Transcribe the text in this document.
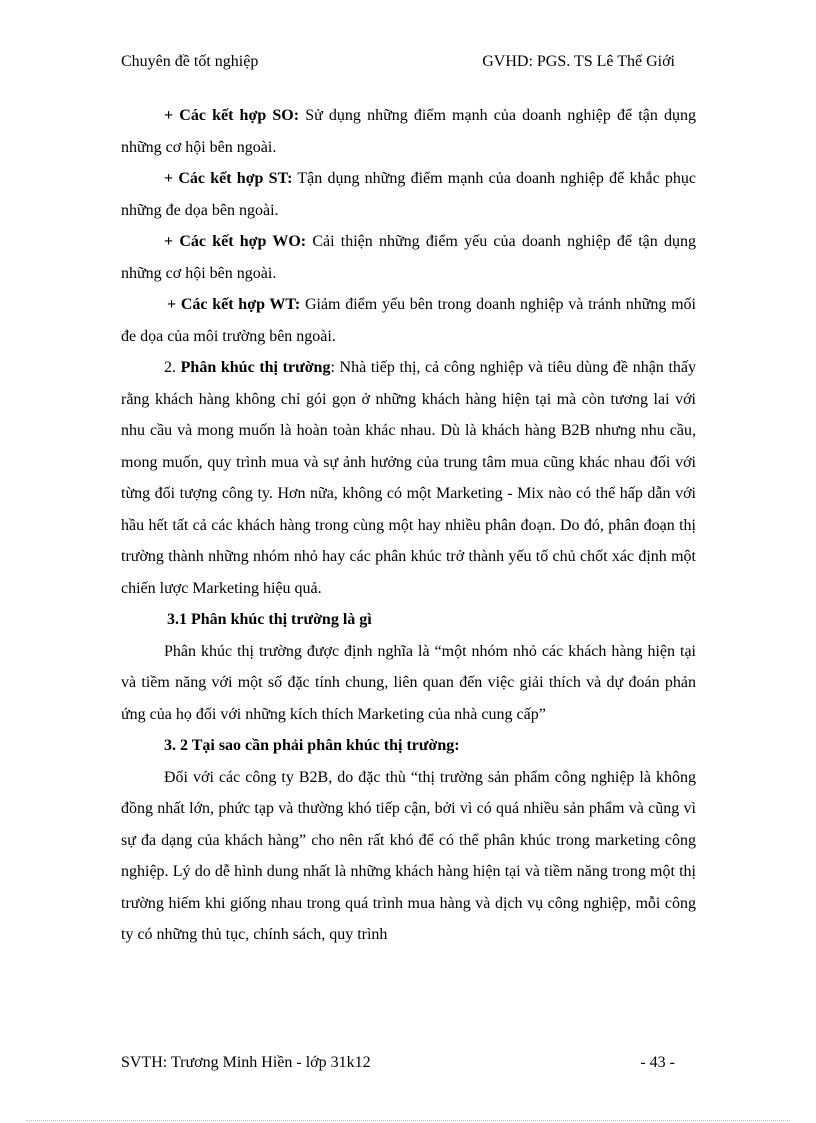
Chuyên đề tốt nghiệp	GVHD: PGS. TS Lê Thế Giới

+ Các kết hợp SO: Sử dụng những điểm mạnh của doanh nghiệp để tận dụng những cơ hội bên ngoài.

+ Các kết hợp ST: Tận dụng những điểm mạnh của doanh nghiệp để khắc phục những đe dọa bên ngoài.

+ Các kết hợp WO: Cải thiện những điểm yếu của doanh nghiệp để tận dụng những cơ hội bên ngoài.

+ Các kết hợp WT: Giảm điểm yếu bên trong doanh nghiệp và tránh những mối đe dọa của môi trường bên ngoài.

2. Phân khúc thị trường: Nhà tiếp thị, cả công nghiệp và tiêu dùng đề nhận thấy rằng khách hàng không chỉ gói gọn ở những khách hàng hiện tại mà còn tương lai với nhu cầu và mong muốn là hoàn toàn khác nhau. Dù là khách hàng B2B nhưng nhu cầu, mong muốn, quy trình mua và sự ảnh hưởng của trung tâm mua cũng khác nhau đối với từng đối tượng công ty. Hơn nữa, không có một Marketing - Mix nào có thể hấp dẫn với hầu hết tất cả các khách hàng trong cùng một hay nhiều phân đoạn. Do đó, phân đoạn thị trường thành những nhóm nhỏ hay các phân khúc trở thành yếu tố chủ chốt xác định một chiến lược Marketing hiệu quả.

3.1 Phân khúc thị trường là gì

Phân khúc thị trường được định nghĩa là “một nhóm nhỏ các khách hàng hiện tại và tiềm năng với một số đặc tính chung, liên quan đến việc giải thích và dự đoán phản ứng của họ đối với những kích thích Marketing của nhà cung cấp”

3. 2 Tại sao cần phải phân khúc thị trường:

Đối với các công ty B2B, do đặc thù “thị trường sản phẩm công nghiệp là không đồng nhất lớn, phức tạp và thường khó tiếp cận, bởi vì có quá nhiều sản phẩm và cũng vì sự đa dạng của khách hàng” cho nên rất khó để có thể phân khúc trong marketing công nghiệp. Lý do dễ hình dung nhất là những khách hàng hiện tại và tiềm năng trong một thị trường hiếm khi giống nhau trong quá trình mua hàng và dịch vụ công nghiệp, mỗi công ty có những thủ tục, chính sách, quy trình

SVTH: Trương Minh Hiền - lớp 31k12	- 43 -
